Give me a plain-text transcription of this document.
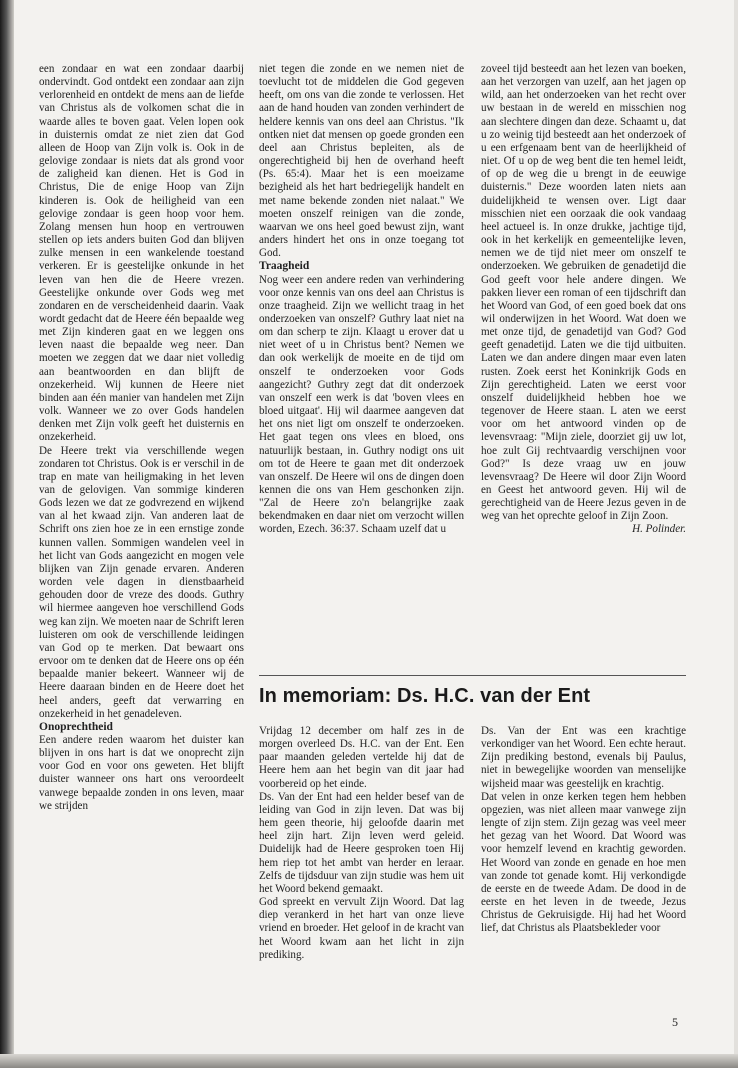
een zondaar en wat een zondaar daarbij ondervindt. God ontdekt een zondaar aan zijn verlorenheid en ontdekt de mens aan de liefde van Christus als de volkomen schat die in waarde alles te boven gaat. Velen lopen ook in duisternis omdat ze niet zien dat God alleen de Hoop van Zijn volk is. Ook in de gelovige zondaar is niets dat als grond voor de zaligheid kan dienen. Het is God in Christus, Die de enige Hoop van Zijn kinderen is. Ook de heiligheid van een gelovige zondaar is geen hoop voor hem. Zolang mensen hun hoop en vertrouwen stellen op iets anders buiten God dan blijven zulke mensen in een wankelende toestand verkeren. Er is geestelijke onkunde in het leven van hen die de Heere vrezen. Geestelijke onkunde over Gods weg met zondaren en de verscheidenheid daarin. Vaak wordt gedacht dat de Heere één bepaalde weg met Zijn kinderen gaat en we leggen ons leven naast die bepaalde weg neer. Dan moeten we zeggen dat we daar niet volledig aan beantwoorden en dan blijft de onzekerheid. Wij kunnen de Heere niet binden aan één manier van handelen met Zijn volk. Wanneer we zo over Gods handelen denken met Zijn volk geeft het duisternis en onzekerheid.

De Heere trekt via verschillende wegen zondaren tot Christus. Ook is er verschil in de trap en mate van heiligmaking in het leven van de gelovigen. Van sommige kinderen Gods lezen we dat ze godvrezend en wijkend van al het kwaad zijn. Van anderen laat de Schrift ons zien hoe ze in een ernstige zonde kunnen vallen. Sommigen wandelen veel in het licht van Gods aangezicht en mogen vele blijken van Zijn genade ervaren. Anderen worden vele dagen in dienstbaarheid gehouden door de vreze des doods. Guthry wil hiermee aangeven hoe verschillend Gods weg kan zijn. We moeten naar de Schrift leren luisteren om ook de verschillende leidingen van God op te merken. Dat bewaart ons ervoor om te denken dat de Heere ons op één bepaalde manier bekeert. Wanneer wij de Heere daaraan binden en de Heere doet het heel anders, geeft dat verwarring en onzekerheid in het genadeleven.

Onoprechtheid

Een andere reden waarom het duister kan blijven in ons hart is dat we onoprecht zijn voor God en voor ons geweten. Het blijft duister wanneer ons hart ons veroordeelt vanwege bepaalde zonden in ons leven, maar we strijden

niet tegen die zonde en we nemen niet de toevlucht tot de middelen die God gegeven heeft, om ons van die zonde te verlossen. Het aan de hand houden van zonden verhindert de heldere kennis van ons deel aan Christus. "Ik ontken niet dat mensen op goede gronden een deel aan Christus bepleiten, als de ongerechtigheid bij hen de overhand heeft (Ps. 65:4). Maar het is een moeizame bezigheid als het hart bedriegelijk handelt en met name bekende zonden niet nalaat." We moeten onszelf reinigen van die zonde, waarvan we ons heel goed bewust zijn, want anders hindert het ons in onze toegang tot God.

Traagheid

Nog weer een andere reden van verhindering voor onze kennis van ons deel aan Christus is onze traagheid. Zijn we wellicht traag in het onderzoeken van onszelf? Guthry laat niet na om dan scherp te zijn. Klaagt u erover dat u niet weet of u in Christus bent? Nemen we dan ook werkelijk de moeite en de tijd om onszelf te onderzoeken voor Gods aangezicht? Guthry zegt dat dit onderzoek van onszelf een werk is dat 'boven vlees en bloed uitgaat'. Hij wil daarmee aangeven dat het ons niet ligt om onszelf te onderzoeken. Het gaat tegen ons vlees en bloed, ons natuurlijk bestaan, in. Guthry nodigt ons uit om tot de Heere te gaan met dit onderzoek van onszelf. De Heere wil ons de dingen doen kennen die ons van Hem geschonken zijn. "Zal de Heere zo'n belangrijke zaak bekendmaken en daar niet om verzocht willen worden, Ezech. 36:37. Schaam uzelf dat u

zoveel tijd besteedt aan het lezen van boeken, aan het verzorgen van uzelf, aan het jagen op wild, aan het onderzoeken van het recht over uw bestaan in de wereld en misschien nog aan slechtere dingen dan deze. Schaamt u, dat u zo weinig tijd besteedt aan het onderzoek of u een erfgenaam bent van de heerlijkheid of niet. Of u op de weg bent die ten hemel leidt, of op de weg die u brengt in de eeuwige duisternis." Deze woorden laten niets aan duidelijkheid te wensen over. Ligt daar misschien niet een oorzaak die ook vandaag heel actueel is. In onze drukke, jachtige tijd, ook in het kerkelijk en gemeentelijke leven, nemen we de tijd niet meer om onszelf te onderzoeken. We gebruiken de genadetijd die God geeft voor hele andere dingen. We pakken liever een roman of een tijdschrift dan het Woord van God, of een goed boek dat ons wil onderwijzen in het Woord. Wat doen we met onze tijd, de genadetijd van God? God geeft genadetijd. Laten we die tijd uitbuiten. Laten we dan andere dingen maar even laten rusten. Zoek eerst het Koninkrijk Gods en Zijn gerechtigheid. Laten we eerst voor onszelf duidelijkheid hebben hoe we tegenover de Heere staan. L aten we eerst voor om het antwoord vinden op de levensvraag: "Mijn ziele, doorziet gij uw lot, hoe zult Gij rechtvaardig verschijnen voor God?" Is deze vraag uw en jouw levensvraag? De Heere wil door Zijn Woord en Geest het antwoord geven. Hij wil de gerechtigheid van de Heere Jezus geven in de weg van het oprechte geloof in Zijn Zoon.

H. Polinder.

In memoriam: Ds. H.C. van der Ent

Vrijdag 12 december om half zes in de morgen overleed Ds. H.C. van der Ent. Een paar maanden geleden vertelde hij dat de Heere hem aan het begin van dit jaar had voorbereid op het einde.

Ds. Van der Ent had een helder besef van de leiding van God in zijn leven. Dat was bij hem geen theorie, hij geloofde daarin met heel zijn hart. Zijn leven werd geleid. Duidelijk had de Heere gesproken toen Hij hem riep tot het ambt van herder en leraar. Zelfs de tijdsduur van zijn studie was hem uit het Woord bekend gemaakt.

God spreekt en vervult Zijn Woord. Dat lag diep verankerd in het hart van onze lieve vriend en broeder. Het geloof in de kracht van het Woord kwam aan het licht in zijn prediking.

Ds. Van der Ent was een krachtige verkondiger van het Woord. Een echte heraut. Zijn prediking bestond, evenals bij Paulus, niet in bewegelijke woorden van menselijke wijsheid maar was geestelijk en krachtig.

Dat velen in onze kerken tegen hem hebben opgezien, was niet alleen maar vanwege zijn lengte of zijn stem. Zijn gezag was veel meer het gezag van het Woord. Dat Woord was voor hemzelf levend en krachtig geworden. Het Woord van zonde en genade en hoe men van zonde tot genade komt. Hij verkondigde de eerste en de tweede Adam. De dood in de eerste en het leven in de tweede, Jezus Christus de Gekruisigde. Hij had het Woord lief, dat Christus als Plaatsbekleder voor

5
